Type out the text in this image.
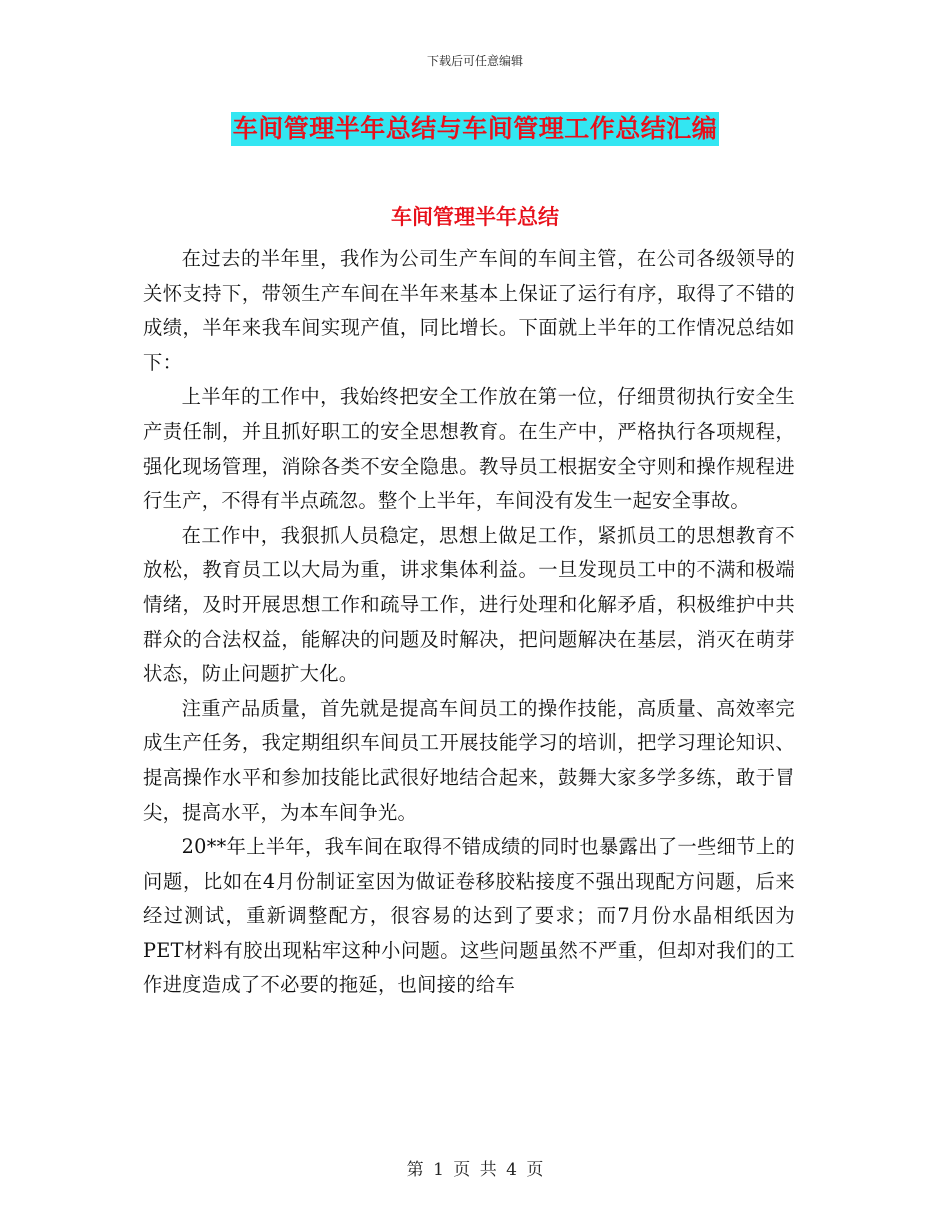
下载后可任意编辑
车间管理半年总结与车间管理工作总结汇编
车间管理半年总结

在过去的半年里，我作为公司生产车间的车间主管，在公司各级领导的关怀支持下，带领生产车间在半年来基本上保证了运行有序，取得了不错的成绩，半年来我车间实现产值，同比增长。下面就上半年的工作情况总结如下：

上半年的工作中，我始终把安全工作放在第一位，仔细贯彻执行安全生产责任制，并且抓好职工的安全思想教育。在生产中，严格执行各项规程，强化现场管理，消除各类不安全隐患。教导员工根据安全守则和操作规程进行生产，不得有半点疏忽。整个上半年，车间没有发生一起安全事故。

在工作中，我狠抓人员稳定，思想上做足工作，紧抓员工的思想教育不放松，教育员工以大局为重，讲求集体利益。一旦发现员工中的不满和极端情绪，及时开展思想工作和疏导工作，进行处理和化解矛盾，积极维护中共群众的合法权益，能解决的问题及时解决，把问题解决在基层，消灭在萌芽状态，防止问题扩大化。

注重产品质量，首先就是提高车间员工的操作技能，高质量、高效率完成生产任务，我定期组织车间员工开展技能学习的培训，把学习理论知识、提高操作水平和参加技能比武很好地结合起来，鼓舞大家多学多练，敢于冒尖，提高水平，为本车间争光。

20**年上半年，我车间在取得不错成绩的同时也暴露出了一些细节上的问题，比如在4月份制证室因为做证卷移胶粘接度不强出现配方问题，后来经过测试，重新调整配方，很容易的达到了要求；而7月份水晶相纸因为PET材料有胶出现粘牢这种小问题。这些问题虽然不严重，但却对我们的工作进度造成了不必要的拖延，也间接的给车

第 1 页 共 4 页
